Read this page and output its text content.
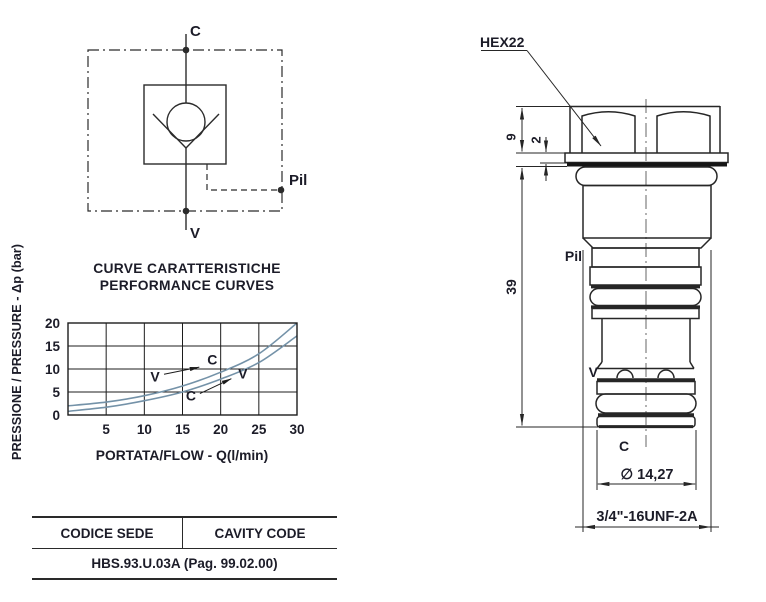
C
V
Pil
5 10 15 20 25 30
0
5
10
15
20
V
C
C
V
HEX22
9 2
39
∅ 14,27
3/4"-16UNF-2A
Pil
V
C
CURVE CARATTERISTICHE
PERFORMANCE CURVES
PRESSIONE / PRESSURE - Δp (bar)	PORTATA/FLOW - Q(l/min)
CODICE SEDE	CAVITY CODE
HBS.93.U.03A (Pag. 99.02.00)
